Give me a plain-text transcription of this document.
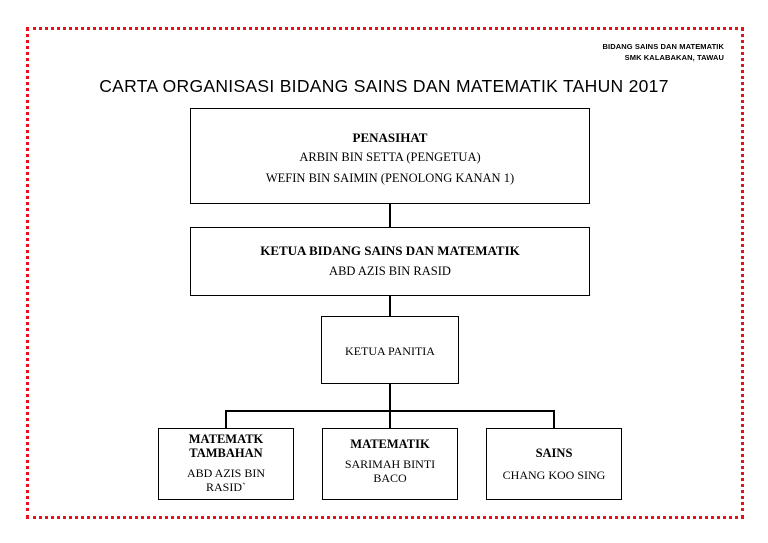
BIDANG SAINS DAN MATEMATIK
SMK KALABAKAN, TAWAU
CARTA ORGANISASI BIDANG SAINS DAN MATEMATIK TAHUN 2017
PENASIHAT
ARBIN BIN SETTA (PENGETUA)
WEFIN BIN SAIMIN (PENOLONG KANAN 1)
KETUA BIDANG SAINS DAN MATEMATIK
ABD AZIS BIN RASID
KETUA PANITIA
MATEMATK
TAMBAHAN
ABD AZIS BIN
RASID`
MATEMATIK
SARIMAH BINTI
BACO
SAINS
CHANG KOO SING
